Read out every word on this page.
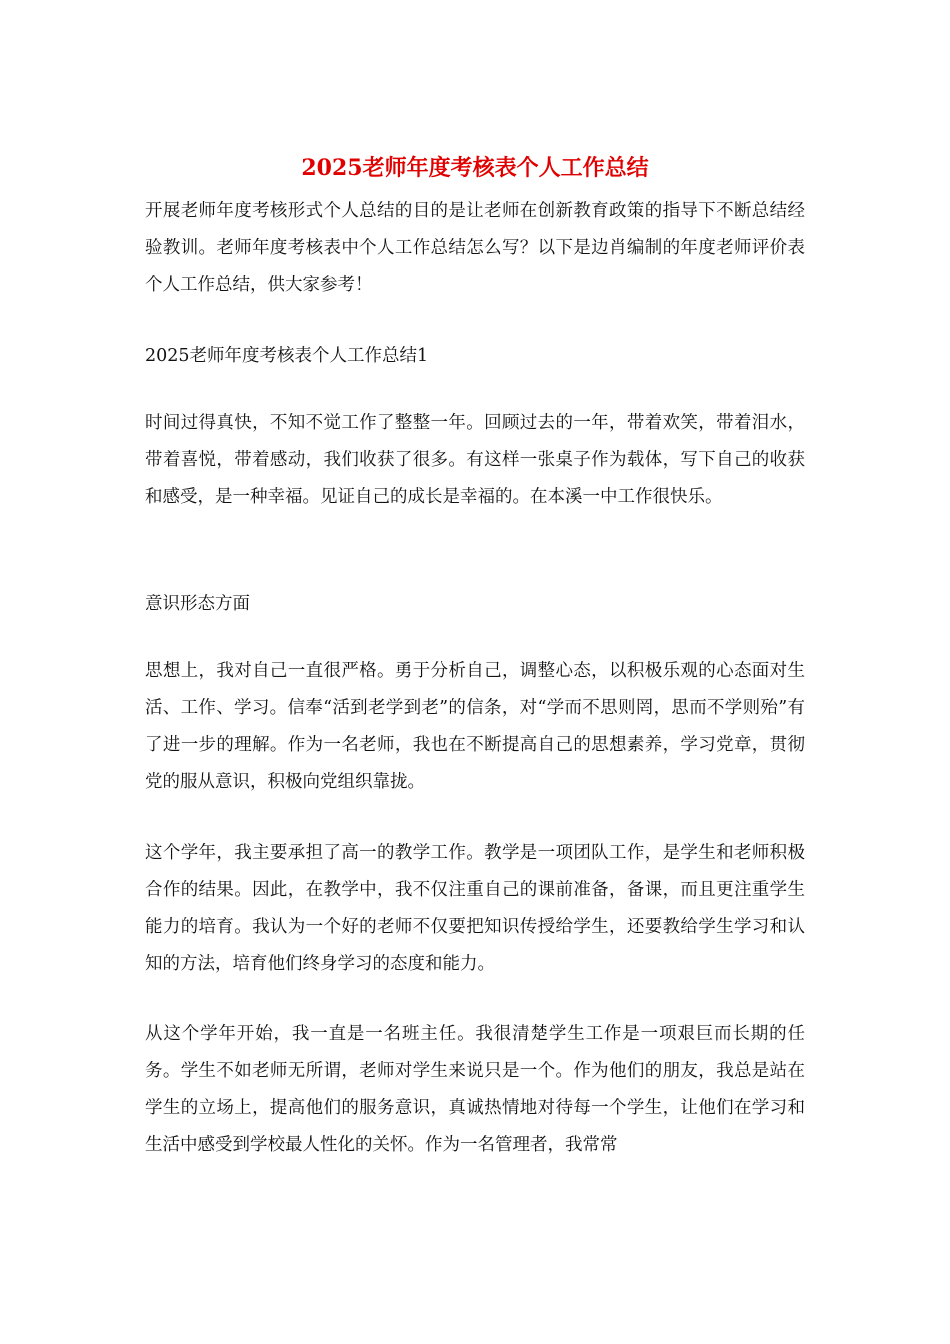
2025老师年度考核表个人工作总结

开展老师年度考核形式个人总结的目的是让老师在创新教育政策的指导下不断总结经验教训。老师年度考核表中个人工作总结怎么写？以下是边肖编制的年度老师评价表个人工作总结，供大家参考！

2025老师年度考核表个人工作总结1

时间过得真快，不知不觉工作了整整一年。回顾过去的一年，带着欢笑，带着泪水，带着喜悦，带着感动，我们收获了很多。有这样一张桌子作为载体，写下自己的收获和感受，是一种幸福。见证自己的成长是幸福的。在本溪一中工作很快乐。

意识形态方面

思想上，我对自己一直很严格。勇于分析自己，调整心态，以积极乐观的心态面对生活、工作、学习。信奉“活到老学到老”的信条，对“学而不思则罔，思而不学则殆”有了进一步的理解。作为一名老师，我也在不断提高自己的思想素养，学习党章，贯彻党的服从意识，积极向党组织靠拢。

这个学年，我主要承担了高一的教学工作。教学是一项团队工作，是学生和老师积极合作的结果。因此，在教学中，我不仅注重自己的课前准备，备课，而且更注重学生能力的培育。我认为一个好的老师不仅要把知识传授给学生，还要教给学生学习和认知的方法，培育他们终身学习的态度和能力。

从这个学年开始，我一直是一名班主任。我很清楚学生工作是一项艰巨而长期的任务。学生不如老师无所谓，老师对学生来说只是一个。作为他们的朋友，我总是站在学生的立场上，提高他们的服务意识，真诚热情地对待每一个学生，让他们在学习和生活中感受到学校最人性化的关怀。作为一名管理者，我常常
